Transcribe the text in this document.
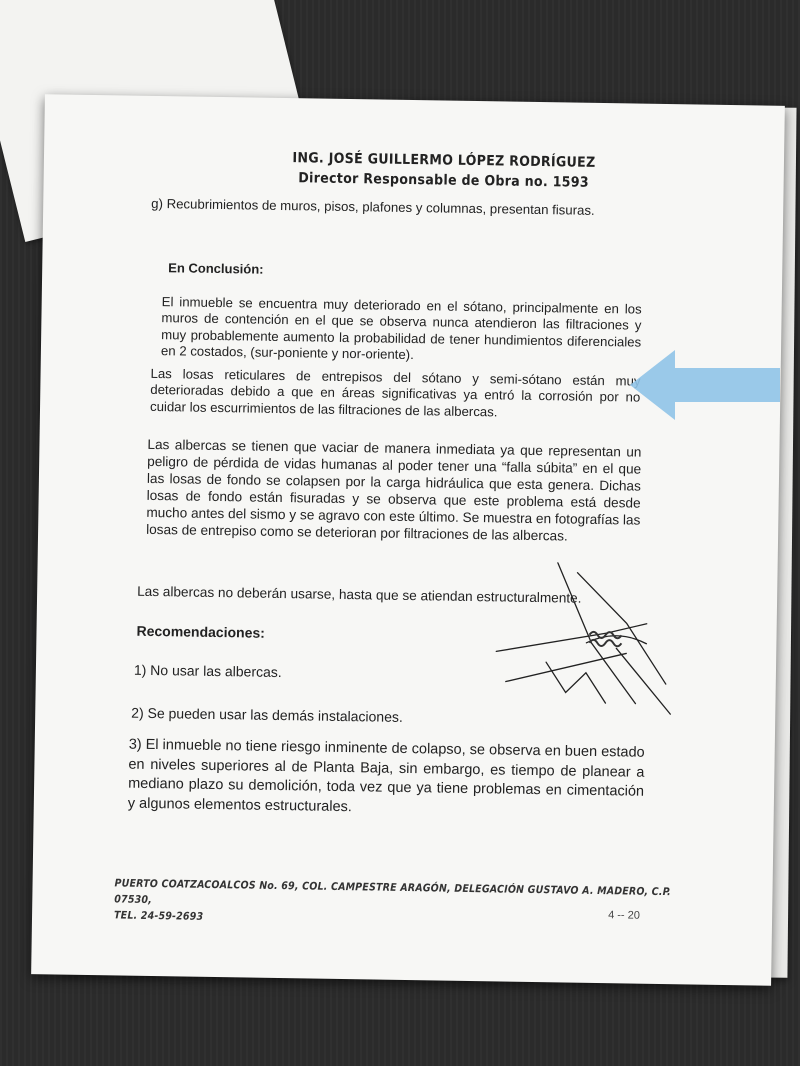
ING. JOSÉ GUILLERMO LÓPEZ RODRÍGUEZ
Director Responsable de Obra no. 1593
g) Recubrimientos de muros, pisos, plafones y columnas, presentan fisuras.
En Conclusión:
El inmueble se encuentra muy deteriorado en el sótano, principalmente en los muros de contención en el que se observa nunca atendieron las filtraciones y muy probablemente aumento la probabilidad de tener hundimientos diferenciales en 2 costados, (sur-poniente y nor-oriente).
Las losas reticulares de entrepisos del sótano y semi-sótano están muy deterioradas debido a que en áreas significativas ya entró la corrosión por no cuidar los escurrimientos de las filtraciones de las albercas.
Las albercas se tienen que vaciar de manera inmediata ya que representan un peligro de pérdida de vidas humanas al poder tener una “falla súbita” en el que las losas de fondo se colapsen por la carga hidráulica que esta genera. Dichas losas de fondo están fisuradas y se observa que este problema está desde mucho antes del sismo y se agravo con este último. Se muestra en fotografías las losas de entrepiso como se deterioran por filtraciones de las albercas.
Las albercas no deberán usarse, hasta que se atiendan estructuralmente.
Recomendaciones:
1) No usar las albercas.
2) Se pueden usar las demás instalaciones.
3) El inmueble no tiene riesgo inminente de colapso, se observa en buen estado en niveles superiores al de Planta Baja, sin embargo, es tiempo de planear a mediano plazo su demolición, toda vez que ya tiene problemas en cimentación y algunos elementos estructurales.
PUERTO COATZACOALCOS No. 69, COL. CAMPESTRE ARAGÓN, DELEGACIÓN GUSTAVO A. MADERO, C.P. 07530,
TEL. 24-59-2693	4 -- 20
